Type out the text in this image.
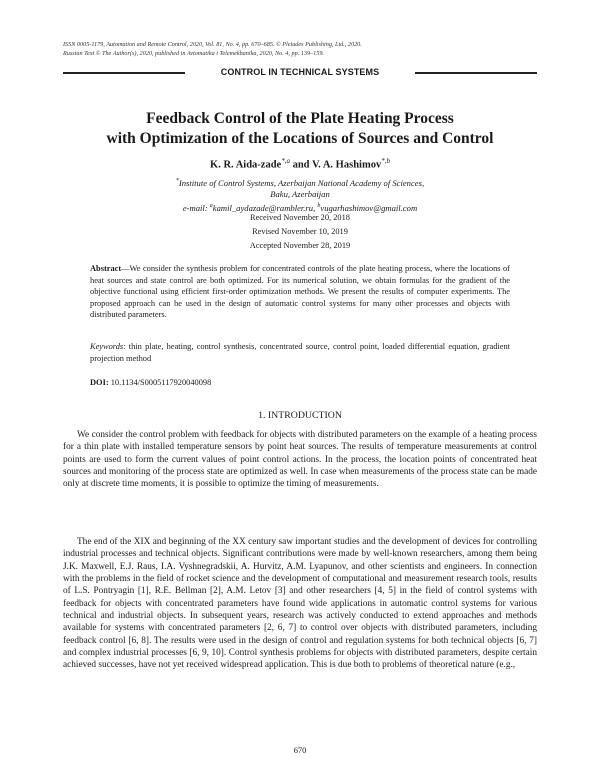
ISSN 0005-1179, Automation and Remote Control, 2020, Vol. 81, No. 4, pp. 670–685. © Pleiades Publishing, Ltd., 2020.
Russian Text © The Author(s), 2020, published in Avtomatika i Telemekhanika, 2020, No. 4, pp. 139–159.
CONTROL IN TECHNICAL SYSTEMS
Feedback Control of the Plate Heating Process
with Optimization of the Locations of Sources and Control
K. R. Aida-zade$^{*,a}$ and V. A. Hashimov$^{*,b}$
*Institute of Control Systems, Azerbaijan National Academy of Sciences,
Baku, Azerbaijan
e-mail: $^a$kamil_aydazade@rambler.ru, $^b$vugarhashimov@gmail.com
Received November 20, 2018
Revised November 10, 2019
Accepted November 28, 2019
Abstract—We consider the synthesis problem for concentrated controls of the plate heating process, where the locations of heat sources and state control are both optimized. For its numerical solution, we obtain formulas for the gradient of the objective functional using efficient first-order optimization methods. We present the results of computer experiments. The proposed approach can be used in the design of automatic control systems for many other processes and objects with distributed parameters.
Keywords: thin plate, heating, control synthesis, concentrated source, control point, loaded differential equation, gradient projection method
DOI: 10.1134/S0005117920040098
1. INTRODUCTION

We consider the control problem with feedback for objects with distributed parameters on the example of a heating process for a thin plate with installed temperature sensors by point heat sources. The results of temperature measurements at control points are used to form the current values of point control actions. In the process, the location points of concentrated heat sources and monitoring of the process state are optimized as well. In case when measurements of the process state can be made only at discrete time moments, it is possible to optimize the timing of measurements.

The end of the XIX and beginning of the XX century saw important studies and the development of devices for controlling industrial processes and technical objects. Significant contributions were made by well-known researchers, among them being J.K. Maxwell, E.J. Raus, I.A. Vyshnegradskii, A. Hurvitz, A.M. Lyapunov, and other scientists and engineers. In connection with the problems in the field of rocket science and the development of computational and measurement research tools, results of L.S. Pontryagin [1], R.E. Bellman [2], A.M. Letov [3] and other researchers [4, 5] in the field of control systems with feedback for objects with concentrated parameters have found wide applications in automatic control systems for various technical and industrial objects. In subsequent years, research was actively conducted to extend approaches and methods available for systems with concentrated parameters [2, 6, 7] to control over objects with distributed parameters, including feedback control [6, 8]. The results were used in the design of control and regulation systems for both technical objects [6, 7] and complex industrial processes [6, 9, 10]. Control synthesis problems for objects with distributed parameters, despite certain achieved successes, have not yet received widespread application. This is due both to problems of theoretical nature (e.g.,

670
